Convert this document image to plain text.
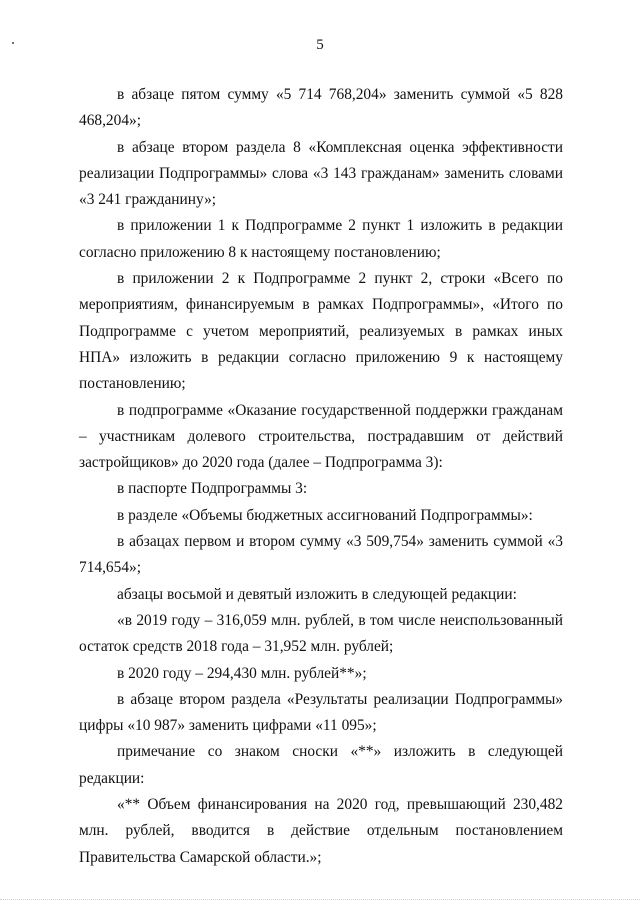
5

в абзаце пятом сумму «5 714 768,204» заменить суммой «5 828 468,204»;

в абзаце втором раздела 8 «Комплексная оценка эффективности реализации Подпрограммы» слова «3 143 гражданам» заменить словами «3 241 гражданину»;

в приложении 1 к Подпрограмме 2 пункт 1 изложить в редакции согласно приложению 8 к настоящему постановлению;

в приложении 2 к Подпрограмме 2 пункт 2, строки «Всего по мероприятиям, финансируемым в рамках Подпрограммы», «Итого по Подпрограмме с учетом мероприятий, реализуемых в рамках иных НПА» изложить в редакции согласно приложению 9 к настоящему постановлению;

в подпрограмме «Оказание государственной поддержки гражданам – участникам долевого строительства, пострадавшим от действий застройщиков» до 2020 года (далее – Подпрограмма 3):

в паспорте Подпрограммы 3:

в разделе «Объемы бюджетных ассигнований Подпрограммы»:

в абзацах первом и втором сумму «3 509,754» заменить суммой «3 714,654»;

абзацы восьмой и девятый изложить в следующей редакции:

«в 2019 году – 316,059 млн. рублей, в том числе неиспользованный остаток средств 2018 года – 31,952 млн. рублей;

в 2020 году – 294,430 млн. рублей**»;

в абзаце втором раздела «Результаты реализации Подпрограммы» цифры «10 987» заменить цифрами «11 095»;

примечание со знаком сноски «**» изложить в следующей редакции:

«** Объем финансирования на 2020 год, превышающий 230,482 млн. рублей, вводится в действие отдельным постановлением Правительства Самарской области.»;
